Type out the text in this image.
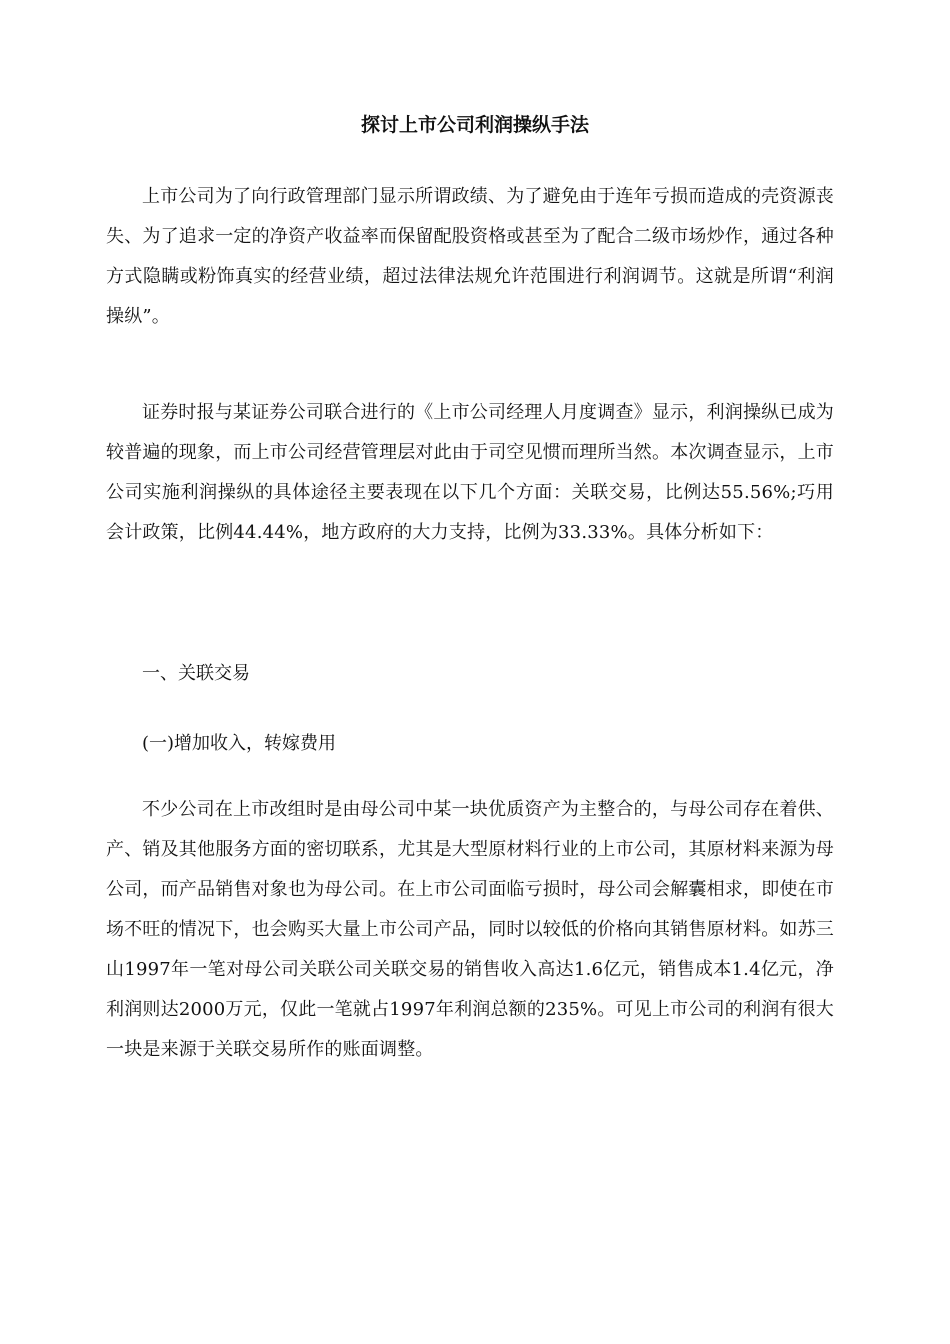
探讨上市公司利润操纵手法

上市公司为了向行政管理部门显示所谓政绩、为了避免由于连年亏损而造成的壳资源丧失、为了追求一定的净资产收益率而保留配股资格或甚至为了配合二级市场炒作，通过各种方式隐瞒或粉饰真实的经营业绩，超过法律法规允许范围进行利润调节。这就是所谓“利润操纵”。

证券时报与某证券公司联合进行的《上市公司经理人月度调查》显示，利润操纵已成为较普遍的现象，而上市公司经营管理层对此由于司空见惯而理所当然。本次调查显示，上市公司实施利润操纵的具体途径主要表现在以下几个方面：关联交易，比例达55.56%;巧用会计政策，比例44.44%，地方政府的大力支持，比例为33.33%。具体分析如下：

一、关联交易
(一)增加收入，转嫁费用

不少公司在上市改组时是由母公司中某一块优质资产为主整合的，与母公司存在着供、产、销及其他服务方面的密切联系，尤其是大型原材料行业的上市公司，其原材料来源为母公司，而产品销售对象也为母公司。在上市公司面临亏损时，母公司会解囊相求，即使在市场不旺的情况下，也会购买大量上市公司产品，同时以较低的价格向其销售原材料。如苏三山1997年一笔对母公司关联公司关联交易的销售收入高达1.6亿元，销售成本1.4亿元，净利润则达2000万元，仅此一笔就占1997年利润总额的235%。可见上市公司的利润有很大一块是来源于关联交易所作的账面调整。
